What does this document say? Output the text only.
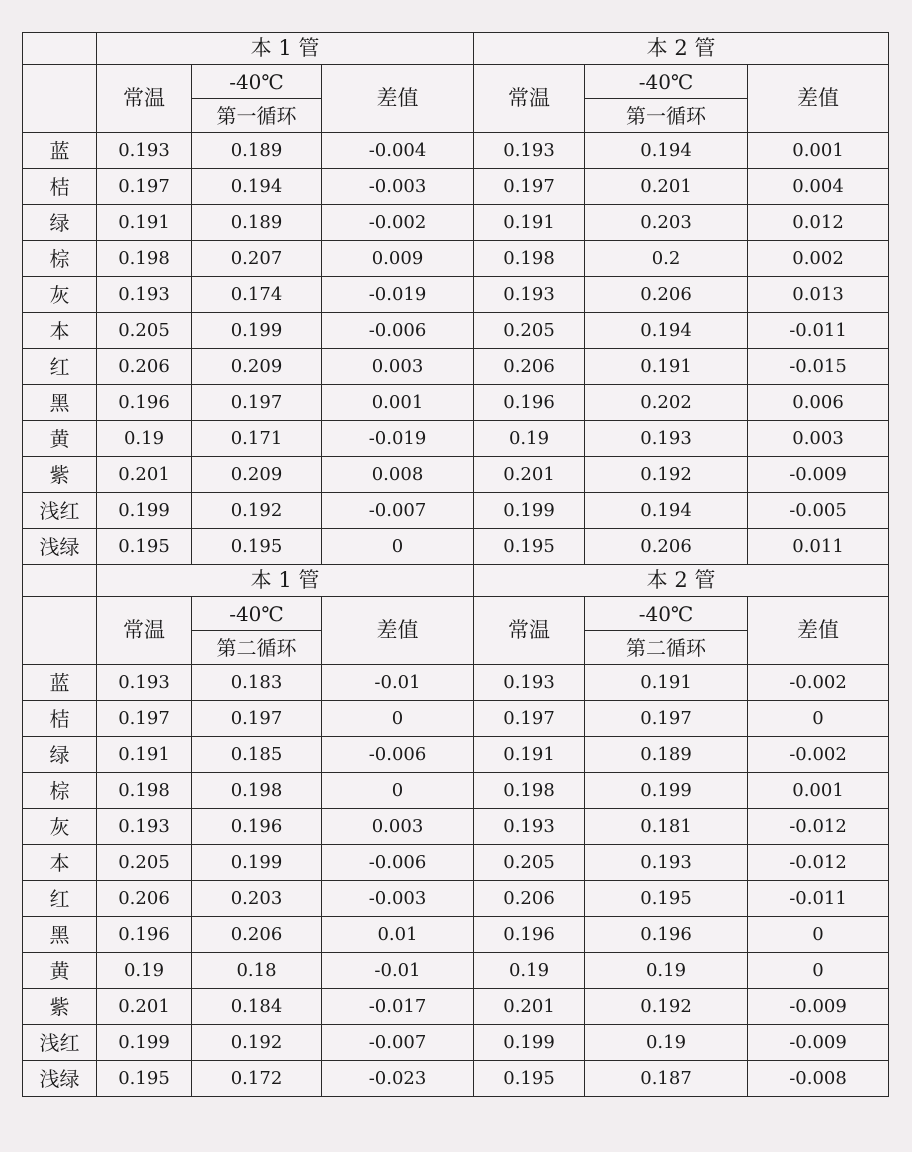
	本 1 管			本 2 管		
	常温	-40℃	差值	常温	-40℃	差值
		第一循环			第一循环	
蓝	0.193	0.189	-0.004	0.193	0.194	0.001
桔	0.197	0.194	-0.003	0.197	0.201	0.004
绿	0.191	0.189	-0.002	0.191	0.203	0.012
棕	0.198	0.207	0.009	0.198	0.2	0.002
灰	0.193	0.174	-0.019	0.193	0.206	0.013
本	0.205	0.199	-0.006	0.205	0.194	-0.011
红	0.206	0.209	0.003	0.206	0.191	-0.015
黑	0.196	0.197	0.001	0.196	0.202	0.006
黄	0.19	0.171	-0.019	0.19	0.193	0.003
紫	0.201	0.209	0.008	0.201	0.192	-0.009
浅红	0.199	0.192	-0.007	0.199	0.194	-0.005
浅绿	0.195	0.195	0	0.195	0.206	0.011
	本 1 管			本 2 管		
	常温	-40℃	差值	常温	-40℃	差值
		第二循环			第二循环	
蓝	0.193	0.183	-0.01	0.193	0.191	-0.002
桔	0.197	0.197	0	0.197	0.197	0
绿	0.191	0.185	-0.006	0.191	0.189	-0.002
棕	0.198	0.198	0	0.198	0.199	0.001
灰	0.193	0.196	0.003	0.193	0.181	-0.012
本	0.205	0.199	-0.006	0.205	0.193	-0.012
红	0.206	0.203	-0.003	0.206	0.195	-0.011
黑	0.196	0.206	0.01	0.196	0.196	0
黄	0.19	0.18	-0.01	0.19	0.19	0
紫	0.201	0.184	-0.017	0.201	0.192	-0.009
浅红	0.199	0.192	-0.007	0.199	0.19	-0.009
浅绿	0.195	0.172	-0.023	0.195	0.187	-0.008
